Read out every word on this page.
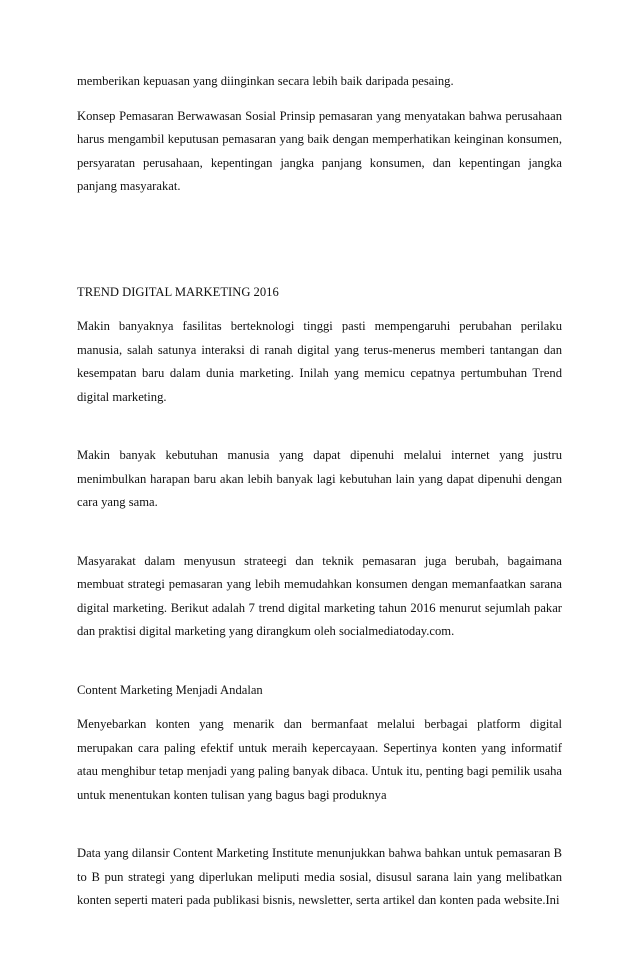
memberikan kepuasan yang diinginkan secara lebih baik daripada pesaing.

Konsep Pemasaran Berwawasan Sosial Prinsip pemasaran yang menyatakan bahwa perusahaan harus mengambil keputusan pemasaran yang baik dengan memperhatikan keinginan konsumen, persyaratan perusahaan, kepentingan jangka panjang konsumen, dan kepentingan jangka panjang masyarakat.

TREND DIGITAL MARKETING 2016

Makin banyaknya fasilitas berteknologi tinggi pasti mempengaruhi perubahan perilaku manusia, salah satunya interaksi di ranah digital yang terus-menerus memberi tantangan dan kesempatan baru dalam dunia marketing. Inilah yang memicu cepatnya pertumbuhan Trend digital marketing.

Makin banyak kebutuhan manusia yang dapat dipenuhi melalui internet yang justru menimbulkan harapan baru akan lebih banyak lagi kebutuhan lain yang dapat dipenuhi dengan cara yang sama.

Masyarakat dalam menyusun strateegi dan teknik pemasaran juga berubah, bagaimana membuat strategi pemasaran yang lebih memudahkan konsumen dengan memanfaatkan sarana digital marketing. Berikut adalah 7 trend digital marketing tahun 2016 menurut sejumlah pakar dan praktisi digital marketing yang dirangkum oleh socialmediatoday.com.

Content Marketing Menjadi Andalan

Menyebarkan konten yang menarik dan bermanfaat melalui berbagai platform digital merupakan cara paling efektif untuk meraih kepercayaan. Sepertinya konten yang informatif atau menghibur tetap menjadi yang paling banyak dibaca. Untuk itu, penting bagi pemilik usaha untuk menentukan konten tulisan yang bagus bagi produknya

Data yang dilansir Content Marketing Institute menunjukkan bahwa bahkan untuk pemasaran B to B pun strategi yang diperlukan meliputi media sosial, disusul sarana lain yang melibatkan konten seperti materi pada publikasi bisnis, newsletter, serta artikel dan konten pada website.Ini
